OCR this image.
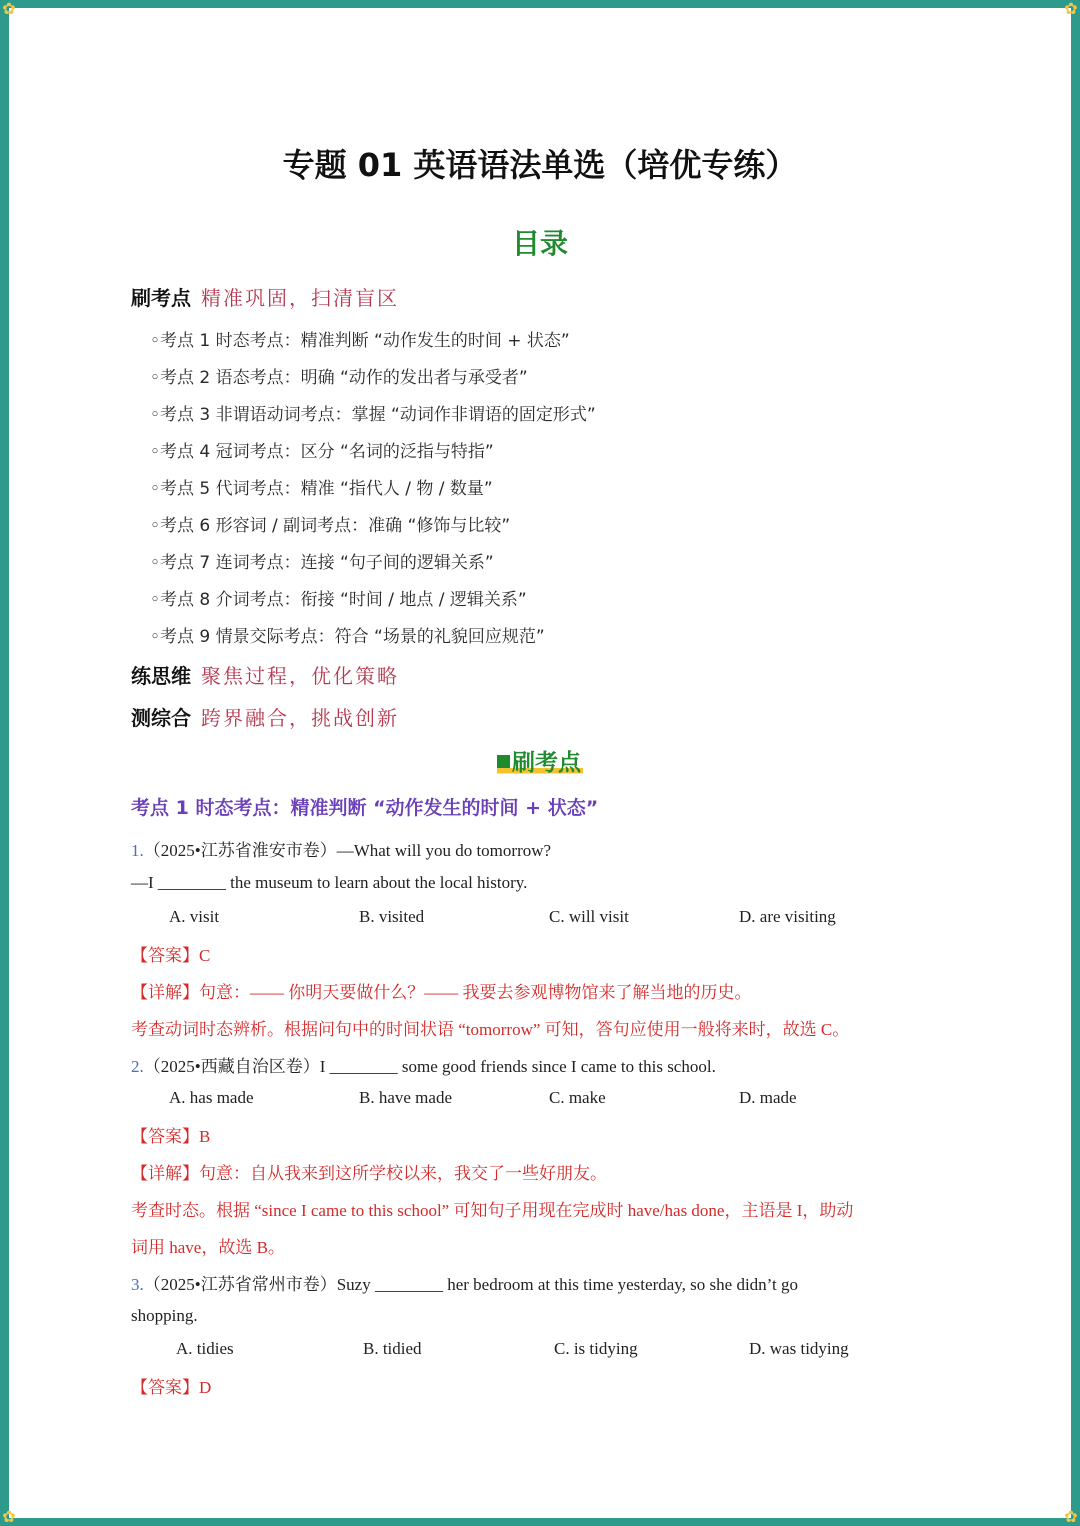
✿	✿
✿	✿
专题 01 英语语法单选（培优专练）
目录
刷考点 精准巩固，扫清盲区
◦考点 1 时态考点：精准判断 “动作发生的时间 + 状态”
◦考点 2 语态考点：明确 “动作的发出者与承受者”
◦考点 3 非谓语动词考点：掌握 “动词作非谓语的固定形式”
◦考点 4 冠词考点：区分 “名词的泛指与特指”
◦考点 5 代词考点：精准 “指代人 / 物 / 数量”
◦考点 6 形容词 / 副词考点：准确 “修饰与比较”
◦考点 7 连词考点：连接 “句子间的逻辑关系”
◦考点 8 介词考点：衔接 “时间 / 地点 / 逻辑关系”
◦考点 9 情景交际考点：符合 “场景的礼貌回应规范”
练思维 聚焦过程，优化策略
测综合 跨界融合，挑战创新
刷考点
考点 1 时态考点：精准判断 “动作发生的时间 + 状态”
1.（2025•江苏省淮安市卷）—What will you do tomorrow?
—I ________ the museum to learn about the local history.
A. visit	B. visited	C. will visit	D. are visiting
【答案】C
【详解】句意：—— 你明天要做什么？—— 我要去参观博物馆来了解当地的历史。
考查动词时态辨析。根据问句中的时间状语 “tomorrow” 可知，答句应使用一般将来时，故选 C。
2.（2025•西藏自治区卷）I ________ some good friends since I came to this school.
A. has made	B. have made	C. make	D. made
【答案】B
【详解】句意：自从我来到这所学校以来，我交了一些好朋友。
考查时态。根据 “since I came to this school” 可知句子用现在完成时 have/has done，主语是 I，助动
词用 have，故选 B。
3.（2025•江苏省常州市卷）Suzy ________ her bedroom at this time yesterday, so she didn’t go
shopping.
A. tidies	B. tidied	C. is tidying	D. was tidying
【答案】D
